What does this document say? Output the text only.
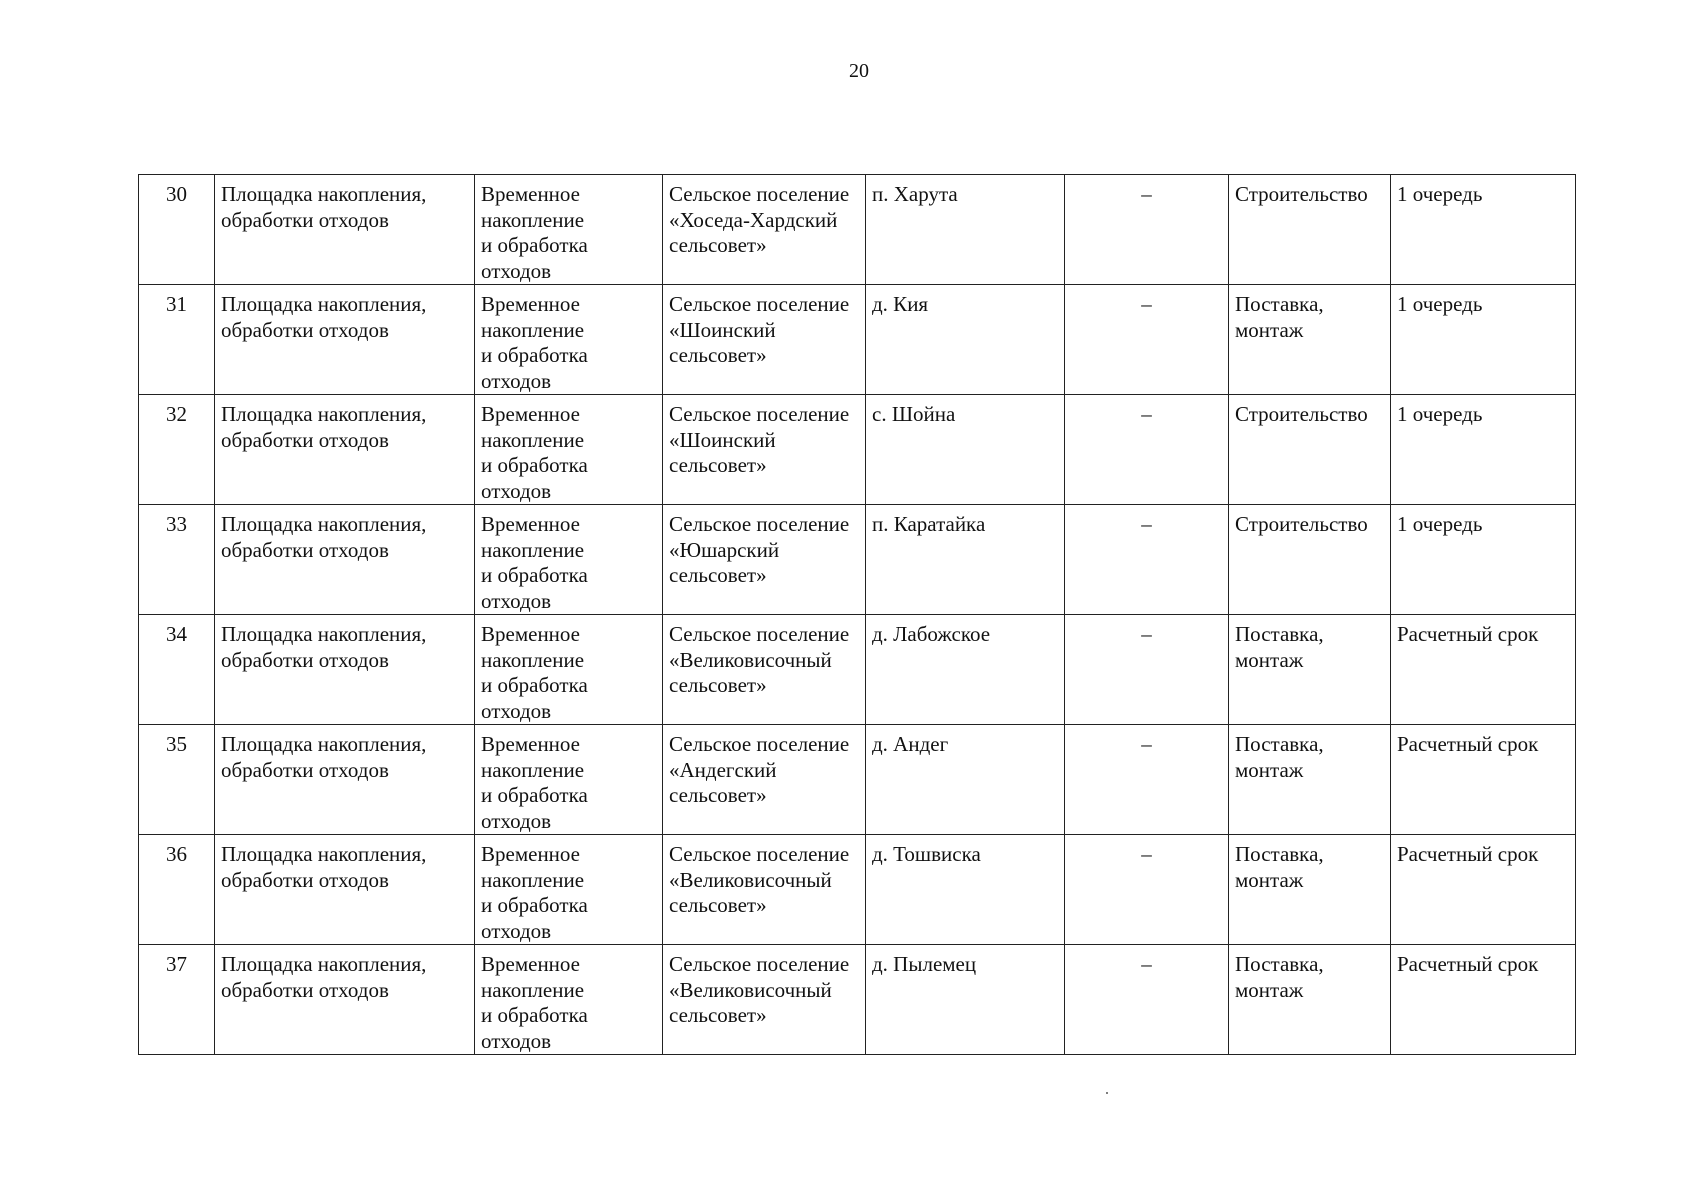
20
30	Площадка накопления,
обработки отходов	Временное
накопление
и обработка
отходов	Сельское поселение
«Хоседа-Хардский
сельсовет»	п. Харута	–	Строительство	1 очередь
31	Площадка накопления,
обработки отходов	Временное
накопление
и обработка
отходов	Сельское поселение
«Шоинский
сельсовет»	д. Кия	–	Поставка,
монтаж	1 очередь
32	Площадка накопления,
обработки отходов	Временное
накопление
и обработка
отходов	Сельское поселение
«Шоинский
сельсовет»	с. Шойна	–	Строительство	1 очередь
33	Площадка накопления,
обработки отходов	Временное
накопление
и обработка
отходов	Сельское поселение
«Юшарский
сельсовет»	п. Каратайка	–	Строительство	1 очередь
34	Площадка накопления,
обработки отходов	Временное
накопление
и обработка
отходов	Сельское поселение
«Великовисочный
сельсовет»	д. Лабожское	–	Поставка,
монтаж	Расчетный срок
35	Площадка накопления,
обработки отходов	Временное
накопление
и обработка
отходов	Сельское поселение
«Андегский
сельсовет»	д. Андег	–	Поставка,
монтаж	Расчетный срок
36	Площадка накопления,
обработки отходов	Временное
накопление
и обработка
отходов	Сельское поселение
«Великовисочный
сельсовет»	д. Тошвиска	–	Поставка,
монтаж	Расчетный срок
37	Площадка накопления,
обработки отходов	Временное
накопление
и обработка
отходов	Сельское поселение
«Великовисочный
сельсовет»	д. Пылемец	–	Поставка,
монтаж	Расчетный срок
